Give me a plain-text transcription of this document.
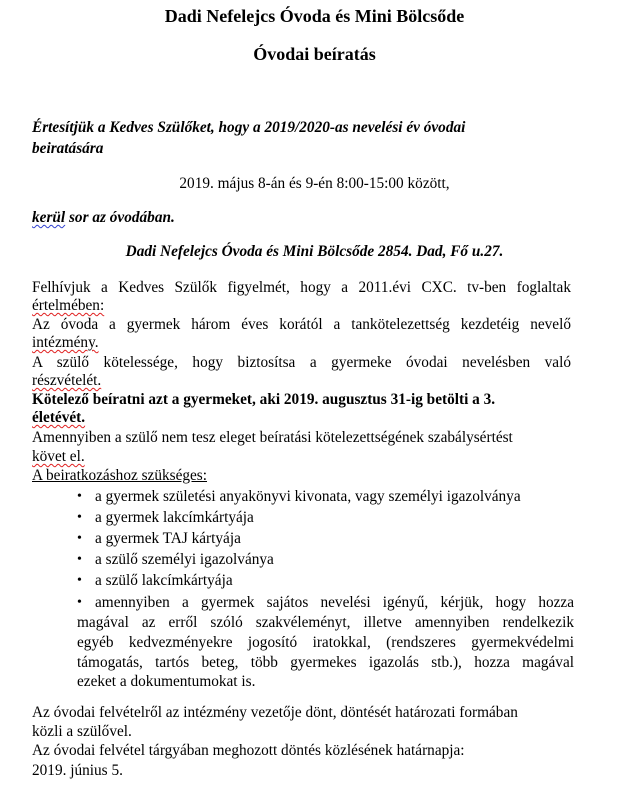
Dadi Nefelejcs Óvoda és Mini Bölcsőde
Óvodai beíratás
Értesítjük a Kedves Szülőket, hogy a 2019/2020-as nevelési év óvodai
beiratására
2019. május 8-án és 9-én 8:00-15:00 között,
kerül sor az óvodában.
Dadi Nefelejcs Óvoda és Mini Bölcsőde 2854. Dad, Fő u.27.
Felhívjuk a Kedves Szülők figyelmét, hogy a 2011.évi CXC. tv-ben foglaltak
értelmében:
Az óvoda a gyermek három éves korától a tankötelezettség kezdetéig nevelő
intézmény.
A szülő kötelessége, hogy biztosítsa a gyermeke óvodai nevelésben való
részvételét.
Kötelező beíratni azt a gyermeket, aki 2019. augusztus 31-ig betölti a 3.
életévét.
Amennyiben a szülő nem tesz eleget beíratási kötelezettségének szabálysértést
követ el.
A beiratkozáshoz szükséges:
• a gyermek születési anyakönyvi kivonata, vagy személyi igazolványa
• a gyermek lakcímkártyája
• a gyermek TAJ kártyája
• a szülő személyi igazolványa
• a szülő lakcímkártyája
• amennyiben a gyermek sajátos nevelési igényű, kérjük, hogy hozza
magával az erről szóló szakvéleményt, illetve amennyiben rendelkezik
egyéb kedvezményekre jogosító iratokkal, (rendszeres gyermekvédelmi
támogatás, tartós beteg, több gyermekes igazolás stb.), hozza magával
ezeket a dokumentumokat is.
Az óvodai felvételről az intézmény vezetője dönt, döntését határozati formában
közli a szülővel.
Az óvodai felvétel tárgyában meghozott döntés közlésének határnapja:
2019. június 5.
